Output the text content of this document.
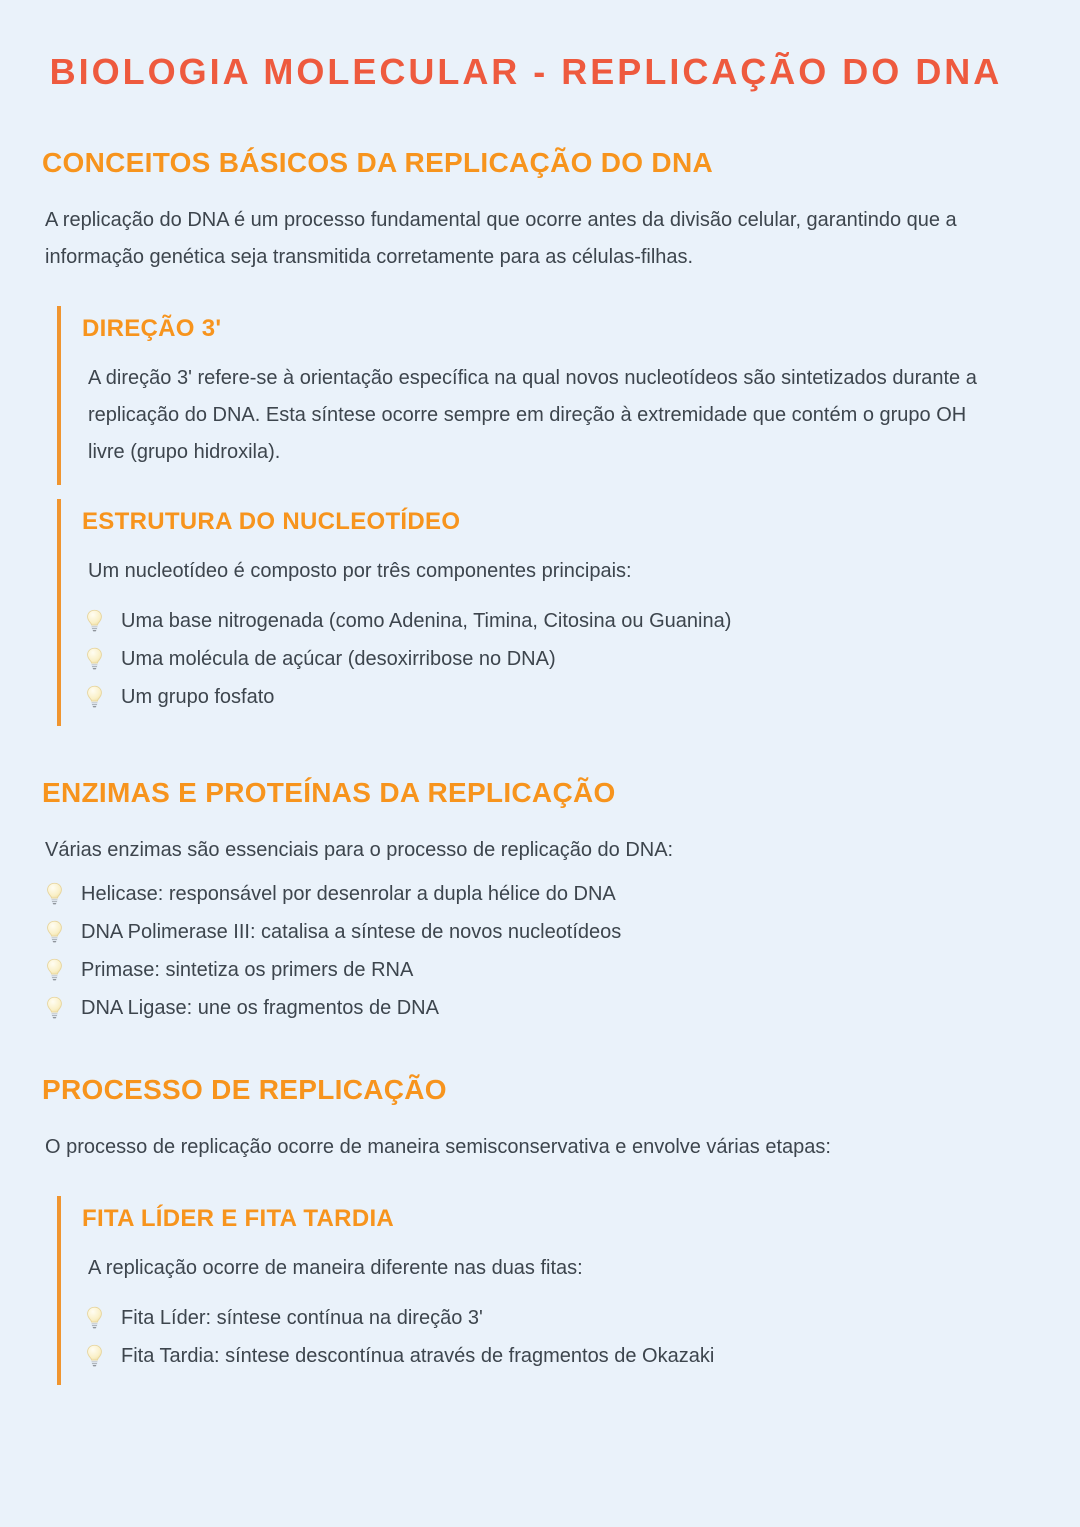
BIOLOGIA MOLECULAR - REPLICAÇÃO DO DNA
CONCEITOS BÁSICOS DA REPLICAÇÃO DO DNA

A replicação do DNA é um processo fundamental que ocorre antes da divisão celular, garantindo que a informação genética seja transmitida corretamente para as células-filhas.

DIREÇÃO 3'

A direção 3' refere-se à orientação específica na qual novos nucleotídeos são sintetizados durante a replicação do DNA. Esta síntese ocorre sempre em direção à extremidade que contém o grupo OH livre (grupo hidroxila).

ESTRUTURA DO NUCLEOTÍDEO

Um nucleotídeo é composto por três componentes principais:

Uma base nitrogenada (como Adenina, Timina, Citosina ou Guanina)
Uma molécula de açúcar (desoxirribose no DNA)
Um grupo fosfato
ENZIMAS E PROTEÍNAS DA REPLICAÇÃO

Várias enzimas são essenciais para o processo de replicação do DNA:

Helicase: responsável por desenrolar a dupla hélice do DNA
DNA Polimerase III: catalisa a síntese de novos nucleotídeos
Primase: sintetiza os primers de RNA
DNA Ligase: une os fragmentos de DNA
PROCESSO DE REPLICAÇÃO

O processo de replicação ocorre de maneira semisconservativa e envolve várias etapas:

FITA LÍDER E FITA TARDIA

A replicação ocorre de maneira diferente nas duas fitas:

Fita Líder: síntese contínua na direção 3'
Fita Tardia: síntese descontínua através de fragmentos de Okazaki
